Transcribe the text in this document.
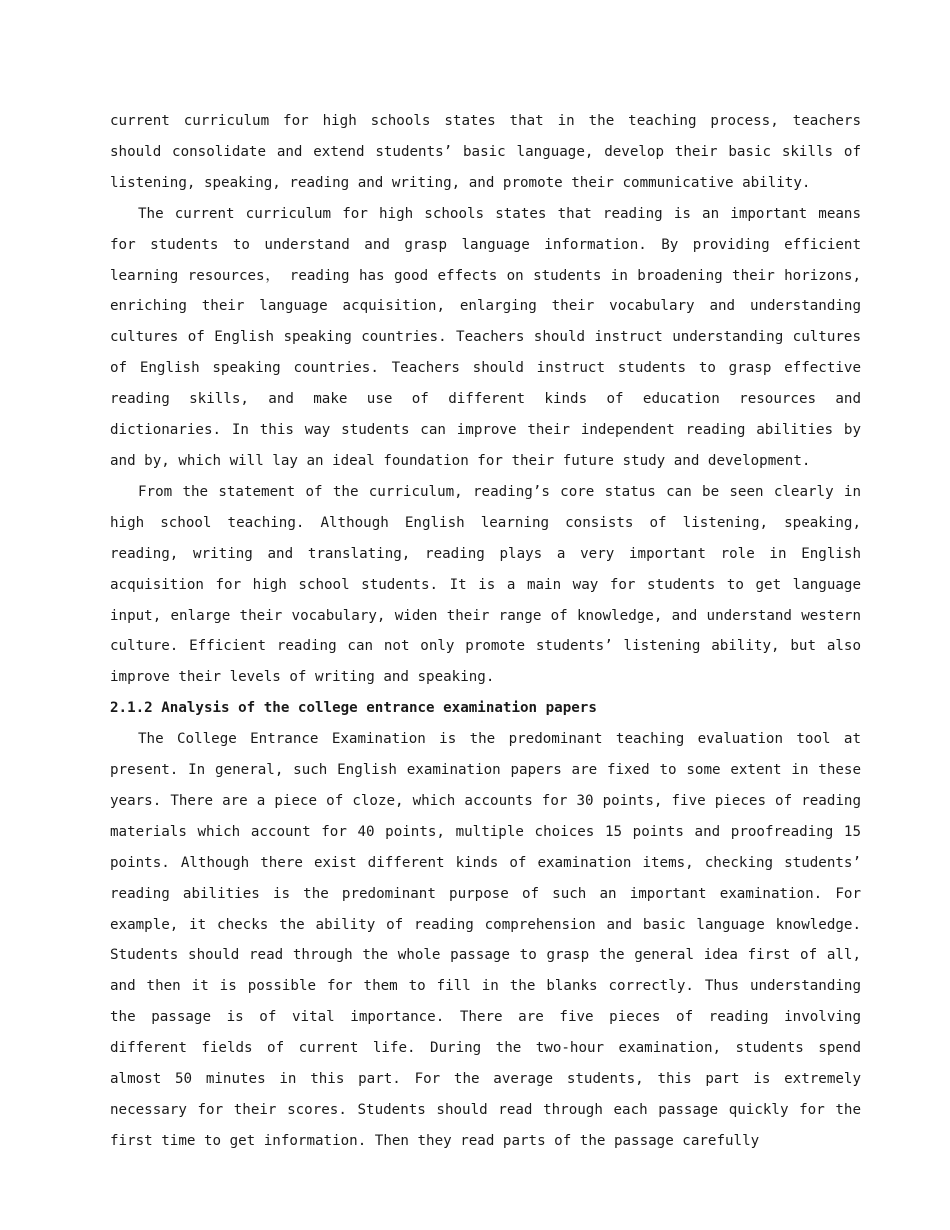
current curriculum for high schools states that in the teaching process, teachers should consolidate and extend students’ basic language, develop their basic skills of listening, speaking, reading and writing, and promote their communicative ability.

The current curriculum for high schools states that reading is an important means for students to understand and grasp language information. By providing efficient learning resources， reading has good effects on students in broadening their horizons, enriching their language acquisition, enlarging their vocabulary and understanding cultures of English speaking countries. Teachers should instruct understanding cultures of English speaking countries. Teachers should instruct students to grasp effective reading skills, and make use of different kinds of education resources and dictionaries. In this way students can improve their independent reading abilities by and by, which will lay an ideal foundation for their future study and development.

From the statement of the curriculum, reading’s core status can be seen clearly in high school teaching. Although English learning consists of listening, speaking, reading, writing and translating, reading plays a very important role in English acquisition for high school students. It is a main way for students to get language input, enlarge their vocabulary, widen their range of knowledge, and understand western culture. Efficient reading can not only promote students’ listening ability, but also improve their levels of writing and speaking.

2.1.2 Analysis of the college entrance examination papers

The College Entrance Examination is the predominant teaching evaluation tool at present. In general, such English examination papers are fixed to some extent in these years. There are a piece of cloze, which accounts for 30 points, five pieces of reading materials which account for 40 points, multiple choices 15 points and proofreading 15 points. Although there exist different kinds of examination items, checking students’ reading abilities is the predominant purpose of such an important examination. For example, it checks the ability of reading comprehension and basic language knowledge. Students should read through the whole passage to grasp the general idea first of all, and then it is possible for them to fill in the blanks correctly. Thus understanding the passage is of vital importance. There are five pieces of reading involving different fields of current life. During the two-hour examination, students spend almost 50 minutes in this part. For the average students, this part is extremely necessary for their scores. Students should read through each passage quickly for the first time to get information. Then they read parts of the passage carefully
